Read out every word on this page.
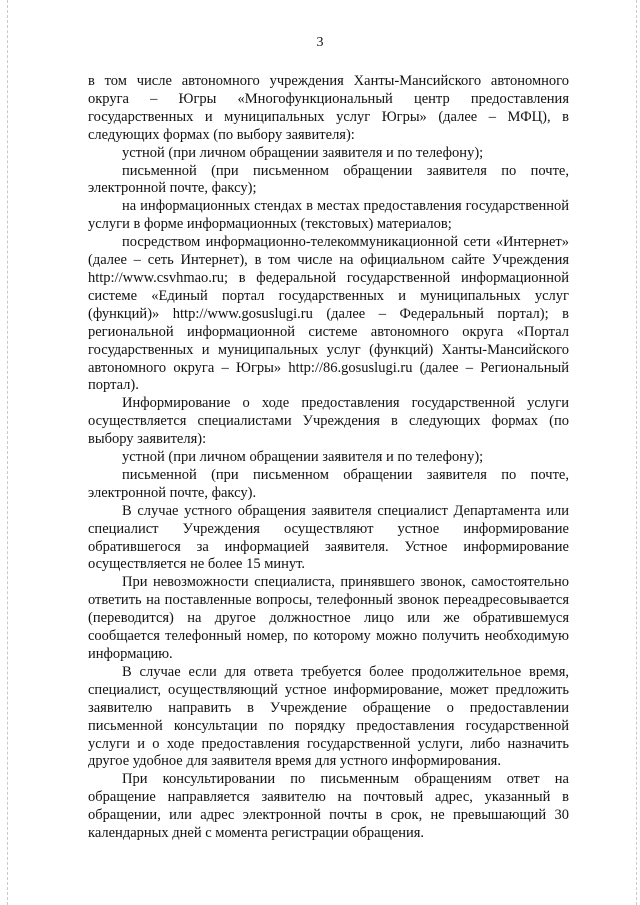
3

в том числе автономного учреждения Ханты-Мансийского автономного округа – Югры «Многофункциональный центр предоставления государственных и муниципальных услуг Югры» (далее – МФЦ), в следующих формах (по выбору заявителя):

устной (при личном обращении заявителя и по телефону);

письменной (при письменном обращении заявителя по почте, электронной почте, факсу);

на информационных стендах в местах предоставления государственной услуги в форме информационных (текстовых) материалов;

посредством информационно-телекоммуникационной сети «Интернет» (далее – сеть Интернет), в том числе на официальном сайте Учреждения http://www.csvhmao.ru; в федеральной государственной информационной системе «Единый портал государственных и муниципальных услуг (функций)» http://www.gosuslugi.ru (далее – Федеральный портал); в региональной информационной системе автономного округа «Портал государственных и муниципальных услуг (функций) Ханты-Мансийского автономного округа – Югры» http://86.gosuslugi.ru (далее – Региональный портал).

Информирование о ходе предоставления государственной услуги осуществляется специалистами Учреждения в следующих формах (по выбору заявителя):

устной (при личном обращении заявителя и по телефону);

письменной (при письменном обращении заявителя по почте, электронной почте, факсу).

В случае устного обращения заявителя специалист Департамента или специалист Учреждения осуществляют устное информирование обратившегося за информацией заявителя. Устное информирование осуществляется не более 15 минут.

При невозможности специалиста, принявшего звонок, самостоятельно ответить на поставленные вопросы, телефонный звонок переадресовывается (переводится) на другое должностное лицо или же обратившемуся сообщается телефонный номер, по которому можно получить необходимую информацию.

В случае если для ответа требуется более продолжительное время, специалист, осуществляющий устное информирование, может предложить заявителю направить в Учреждение обращение о предоставлении письменной консультации по порядку предоставления государственной услуги и о ходе предоставления государственной услуги, либо назначить другое удобное для заявителя время для устного информирования.

При консультировании по письменным обращениям ответ на обращение направляется заявителю на почтовый адрес, указанный в обращении, или адрес электронной почты в срок, не превышающий 30 календарных дней с момента регистрации обращения.
